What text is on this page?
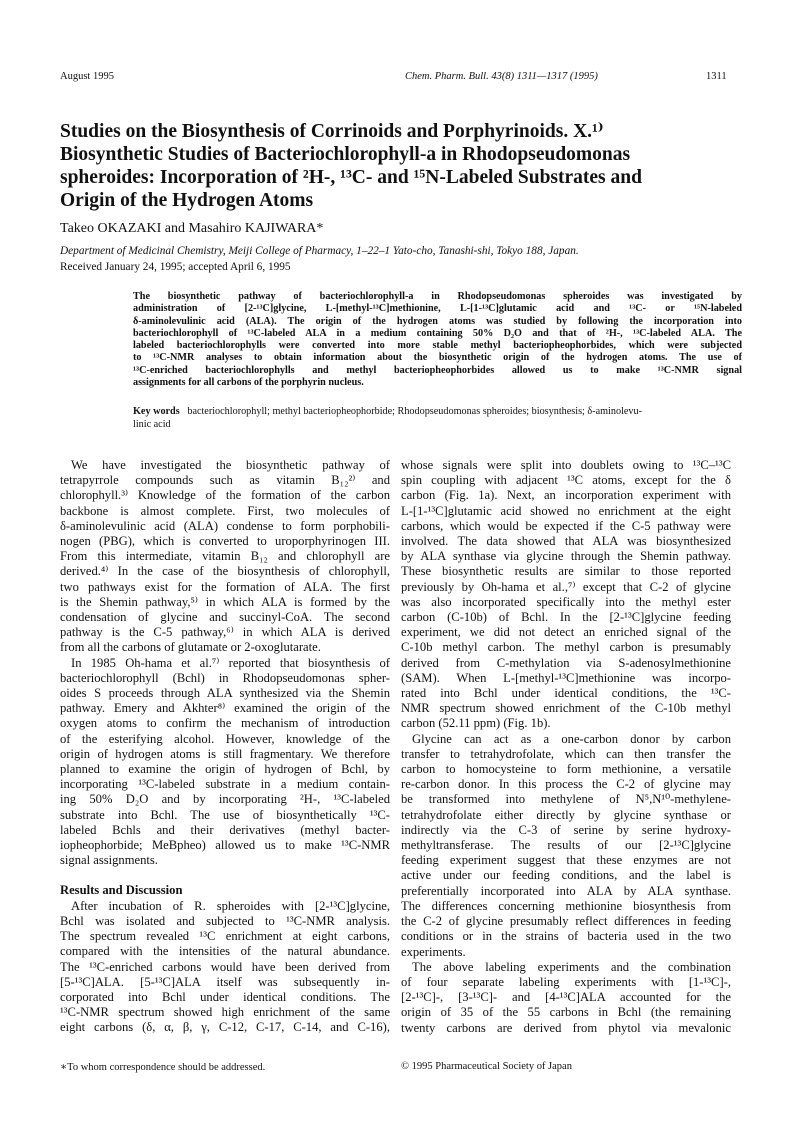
August 1995	Chem. Pharm. Bull. 43(8) 1311—1317 (1995)	1311
Studies on the Biosynthesis of Corrinoids and Porphyrinoids. X.¹⁾
Biosynthetic Studies of Bacteriochlorophyll-a in Rhodopseudomonas
spheroides: Incorporation of ²H-, ¹³C- and ¹⁵N-Labeled Substrates and
Origin of the Hydrogen Atoms
Takeo OKAZAKI and Masahiro KAJIWARA*
Department of Medicinal Chemistry, Meiji College of Pharmacy, 1–22–1 Yato-cho, Tanashi-shi, Tokyo 188, Japan.
Received January 24, 1995; accepted April 6, 1995
The biosynthetic pathway of bacteriochlorophyll-a in Rhodopseudomonas spheroides was investigated by
administration of [2-¹³C]glycine, L-[methyl-¹³C]methionine, L-[1-¹³C]glutamic acid and ¹³C- or ¹⁵N-labeled
δ-aminolevulinic acid (ALA). The origin of the hydrogen atoms was studied by following the incorporation into
bacteriochlorophyll of ¹³C-labeled ALA in a medium containing 50% D₂O and that of ²H-, ¹³C-labeled ALA. The
labeled bacteriochlorophylls were converted into more stable methyl bacteriopheophorbides, which were subjected
to ¹³C-NMR analyses to obtain information about the biosynthetic origin of the hydrogen atoms. The use of
¹³C-enriched bacteriochlorophylls and methyl bacteriopheophorbides allowed us to make ¹³C-NMR signal
assignments for all carbons of the porphyrin nucleus.
Key words bacteriochlorophyll; methyl bacteriopheophorbide; Rhodopseudomonas spheroides; biosynthesis; δ-aminolevu-
linic acid
We have investigated the biosynthetic pathway of
tetrapyrrole compounds such as vitamin B₁₂²⁾ and
chlorophyll.³⁾ Knowledge of the formation of the carbon
backbone is almost complete. First, two molecules of
δ-aminolevulinic acid (ALA) condense to form porphobili-
nogen (PBG), which is converted to uroporphyrinogen III.
From this intermediate, vitamin B₁₂ and chlorophyll are
derived.⁴⁾ In the case of the biosynthesis of chlorophyll,
two pathways exist for the formation of ALA. The first
is the Shemin pathway,⁵⁾ in which ALA is formed by the
condensation of glycine and succinyl-CoA. The second
pathway is the C-5 pathway,⁶⁾ in which ALA is derived
from all the carbons of glutamate or 2-oxoglutarate.
In 1985 Oh-hama et al.⁷⁾ reported that biosynthesis of
bacteriochlorophyll (Bchl) in Rhodopseudomonas spher-
oides S proceeds through ALA synthesized via the Shemin
pathway. Emery and Akhter⁸⁾ examined the origin of the
oxygen atoms to confirm the mechanism of introduction
of the esterifying alcohol. However, knowledge of the
origin of hydrogen atoms is still fragmentary. We therefore
planned to examine the origin of hydrogen of Bchl, by
incorporating ¹³C-labeled substrate in a medium contain-
ing 50% D₂O and by incorporating ²H-, ¹³C-labeled
substrate into Bchl. The use of biosynthetically ¹³C-
labeled Bchls and their derivatives (methyl bacter-
iopheophorbide; MeBpheo) allowed us to make ¹³C-NMR
signal assignments.
Results and Discussion
After incubation of R. spheroides with [2-¹³C]glycine,
Bchl was isolated and subjected to ¹³C-NMR analysis.
The spectrum revealed ¹³C enrichment at eight carbons,
compared with the intensities of the natural abundance.
The ¹³C-enriched carbons would have been derived from
[5-¹³C]ALA. [5-¹³C]ALA itself was subsequently in-
corporated into Bchl under identical conditions. The
¹³C-NMR spectrum showed high enrichment of the same
eight carbons (δ, α, β, γ, C-12, C-17, C-14, and C-16),
whose signals were split into doublets owing to ¹³C–¹³C
spin coupling with adjacent ¹³C atoms, except for the δ
carbon (Fig. 1a). Next, an incorporation experiment with
L-[1-¹³C]glutamic acid showed no enrichment at the eight
carbons, which would be expected if the C-5 pathway were
involved. The data showed that ALA was biosynthesized
by ALA synthase via glycine through the Shemin pathway.
These biosynthetic results are similar to those reported
previously by Oh-hama et al.,⁷⁾ except that C-2 of glycine
was also incorporated specifically into the methyl ester
carbon (C-10b) of Bchl. In the [2-¹³C]glycine feeding
experiment, we did not detect an enriched signal of the
C-10b methyl carbon. The methyl carbon is presumably
derived from C-methylation via S-adenosylmethionine
(SAM). When L-[methyl-¹³C]methionine was incorpo-
rated into Bchl under identical conditions, the ¹³C-
NMR spectrum showed enrichment of the C-10b methyl
carbon (52.11 ppm) (Fig. 1b).
Glycine can act as a one-carbon donor by carbon
transfer to tetrahydrofolate, which can then transfer the
carbon to homocysteine to form methionine, a versatile
re-carbon donor. In this process the C-2 of glycine may
be transformed into methylene of N⁵,N¹⁰-methylene-
tetrahydrofolate either directly by glycine synthase or
indirectly via the C-3 of serine by serine hydroxy-
methyltransferase. The results of our [2-¹³C]glycine
feeding experiment suggest that these enzymes are not
active under our feeding conditions, and the label is
preferentially incorporated into ALA by ALA synthase.
The differences concerning methionine biosynthesis from
the C-2 of glycine presumably reflect differences in feeding
conditions or in the strains of bacteria used in the two
experiments.
The above labeling experiments and the combination
of four separate labeling experiments with [1-¹³C]-,
[2-¹³C]-, [3-¹³C]- and [4-¹³C]ALA accounted for the
origin of 35 of the 55 carbons in Bchl (the remaining
twenty carbons are derived from phytol via mevalonic
∗To whom correspondence should be addressed.	© 1995 Pharmaceutical Society of Japan
